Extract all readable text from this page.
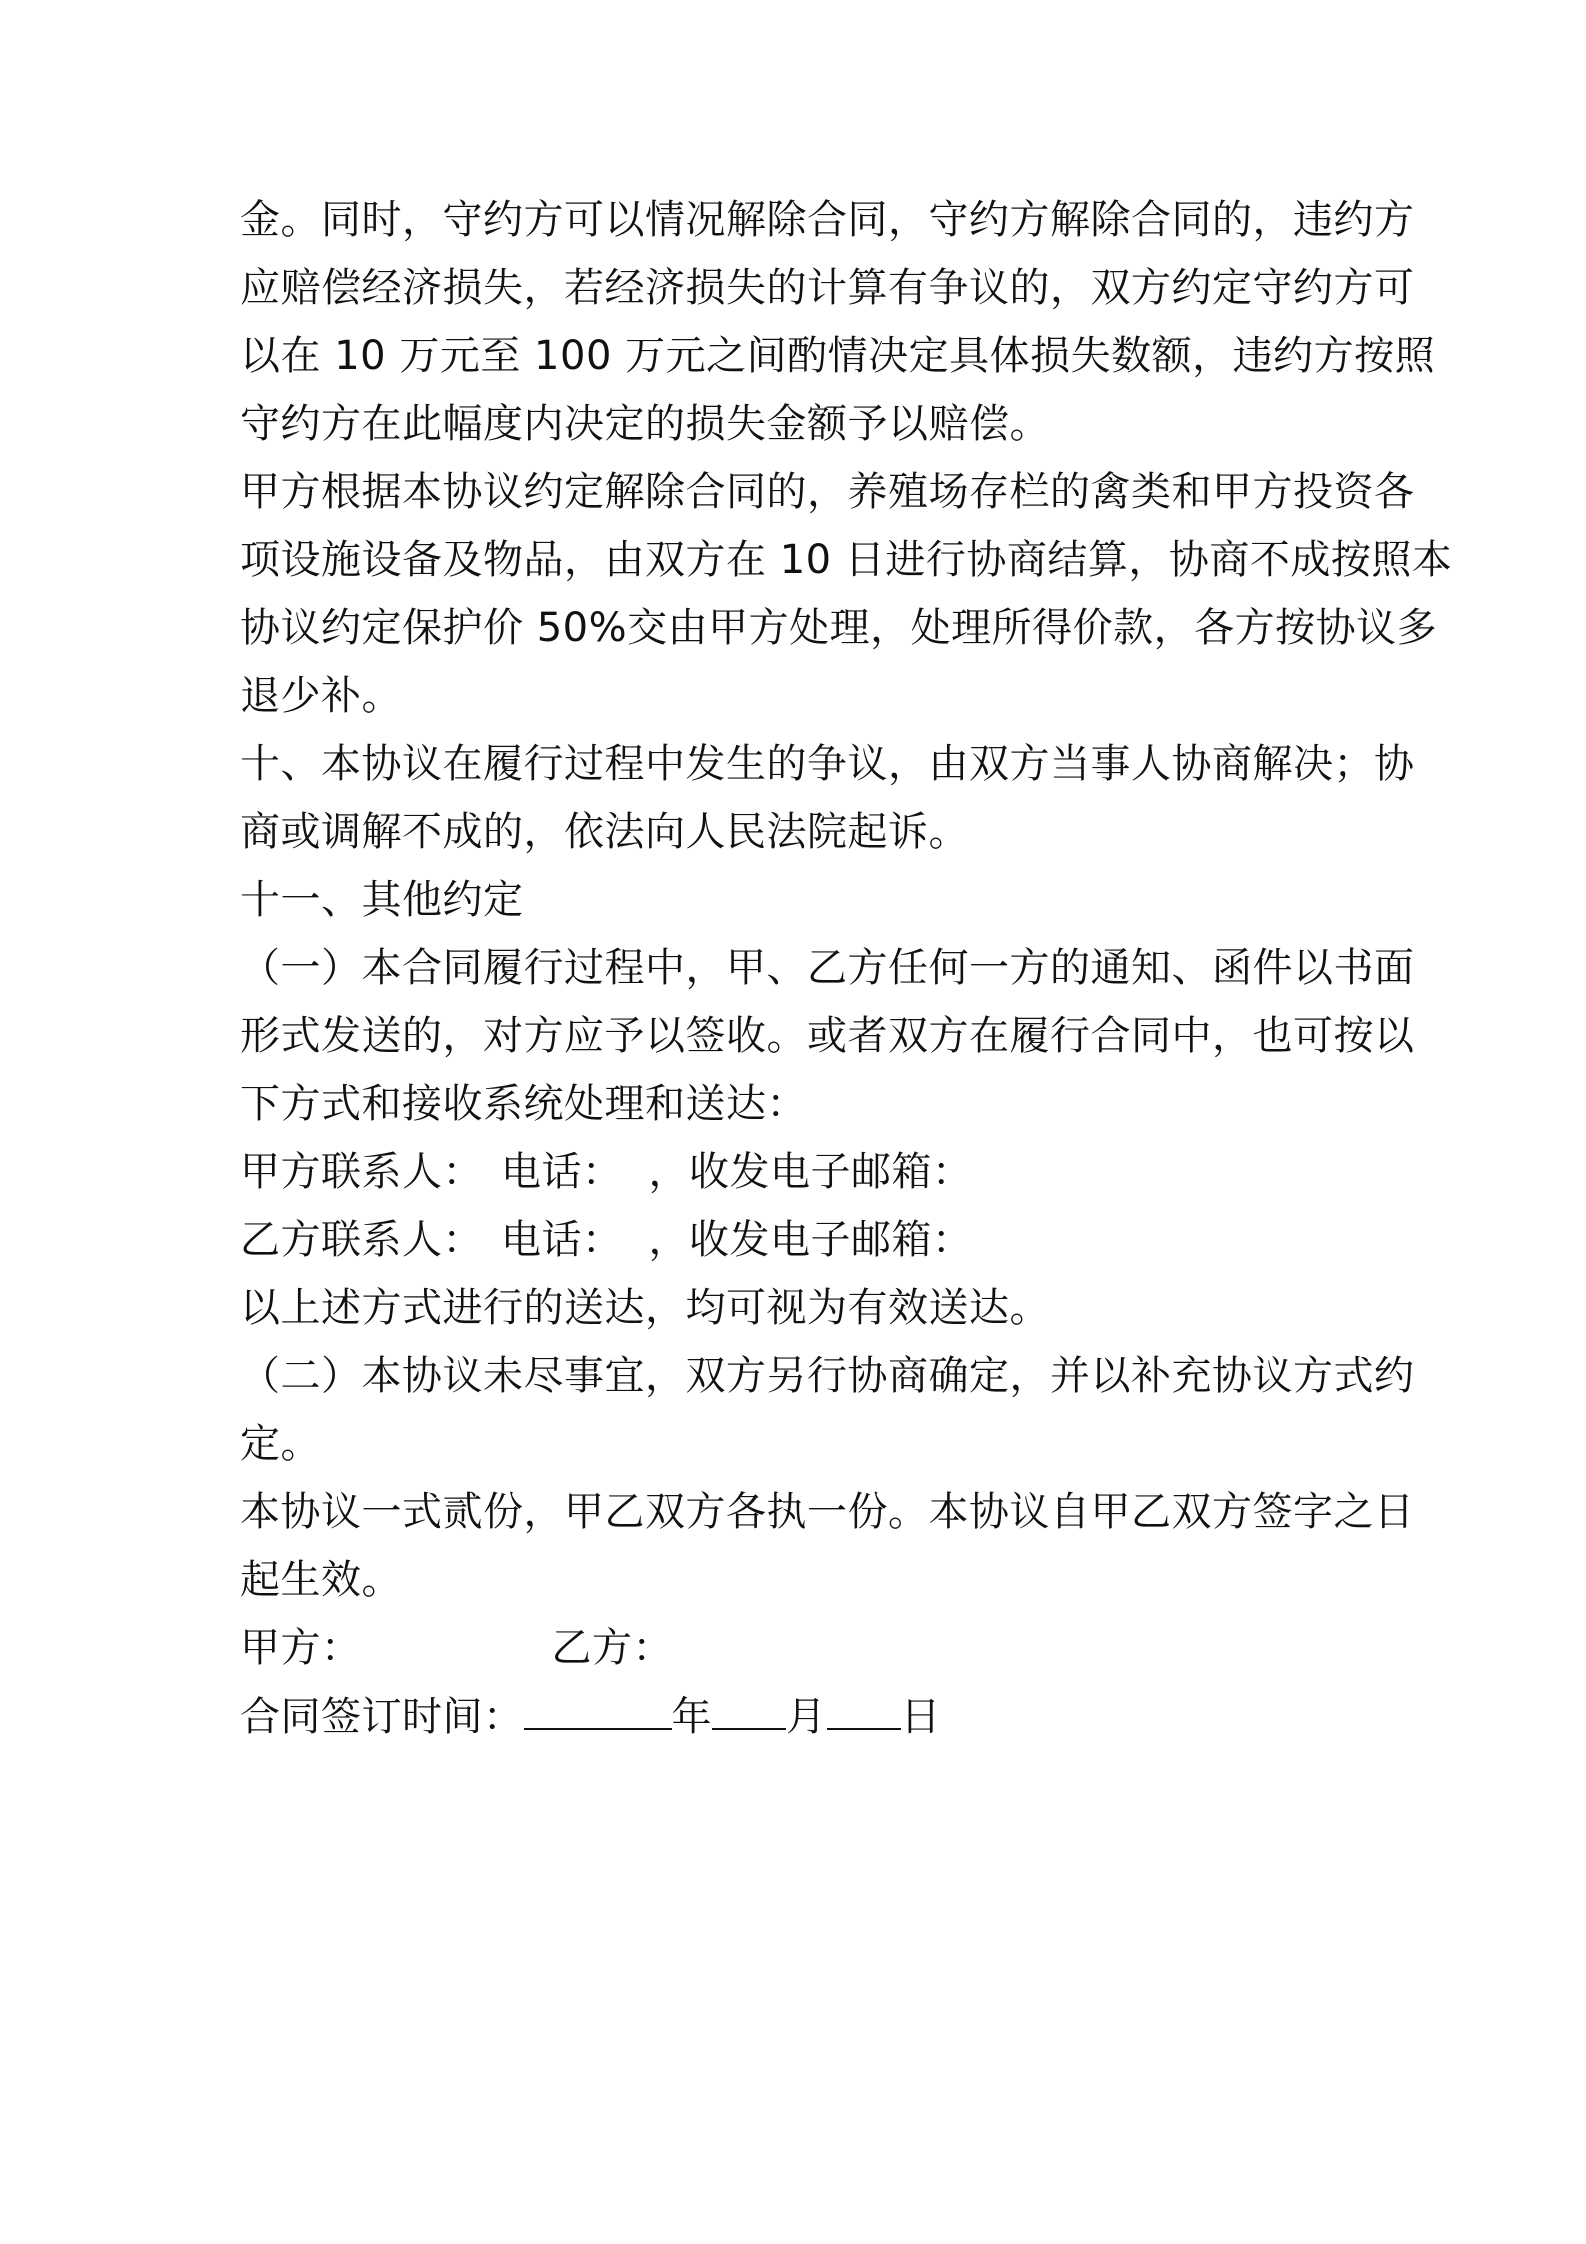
金。同时，守约方可以情况解除合同，守约方解除合同的，违约方
应赔偿经济损失，若经济损失的计算有争议的，双方约定守约方可
以在 10 万元至 100 万元之间酌情决定具体损失数额，违约方按照
守约方在此幅度内决定的损失金额予以赔偿。
甲方根据本协议约定解除合同的，养殖场存栏的禽类和甲方投资各
项设施设备及物品，由双方在 10 日进行协商结算，协商不成按照本
协议约定保护价 50%交由甲方处理，处理所得价款，各方按协议多
退少补。
十、本协议在履行过程中发生的争议，由双方当事人协商解决；协
商或调解不成的，依法向人民法院起诉。
十一、其他约定
（一）本合同履行过程中，甲、乙方任何一方的通知、函件以书面
形式发送的，对方应予以签收。或者双方在履行合同中，也可按以
下方式和接收系统处理和送达：
甲方联系人： 电话： ，收发电子邮箱：
乙方联系人： 电话： ，收发电子邮箱：
以上述方式进行的送达，均可视为有效送达。
（二）本协议未尽事宜，双方另行协商确定，并以补充协议方式约
定。
本协议一式贰份，甲乙双方各执一份。本协议自甲乙双方签字之日
起生效。
甲方：	乙方：
合同签订时间：	年 月 日
